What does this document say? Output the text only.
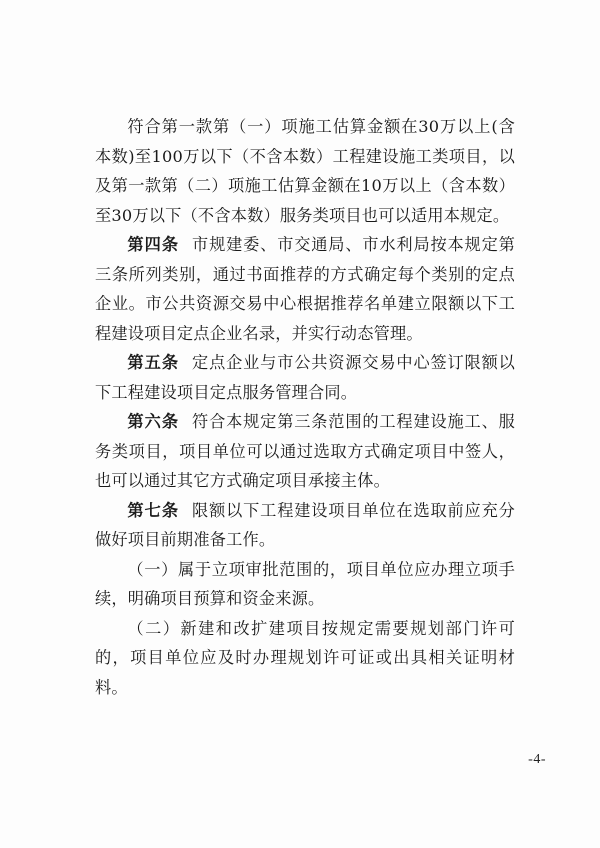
符合第一款第（一）项施工估算金额在30万以上(含本数)至100万以下（不含本数）工程建设施工类项目，以及第一款第（二）项施工估算金额在10万以上（含本数）至30万以下（不含本数）服务类项目也可以适用本规定。

第四条 市规建委、市交通局、市水利局按本规定第三条所列类别，通过书面推荐的方式确定每个类别的定点企业。市公共资源交易中心根据推荐名单建立限额以下工程建设项目定点企业名录，并实行动态管理。

第五条 定点企业与市公共资源交易中心签订限额以下工程建设项目定点服务管理合同。

第六条 符合本规定第三条范围的工程建设施工、服务类项目，项目单位可以通过选取方式确定项目中签人，也可以通过其它方式确定项目承接主体。

第七条 限额以下工程建设项目单位在选取前应充分做好项目前期准备工作。

（一）属于立项审批范围的，项目单位应办理立项手续，明确项目预算和资金来源。

（二）新建和改扩建项目按规定需要规划部门许可的，项目单位应及时办理规划许可证或出具相关证明材料。

-4-
